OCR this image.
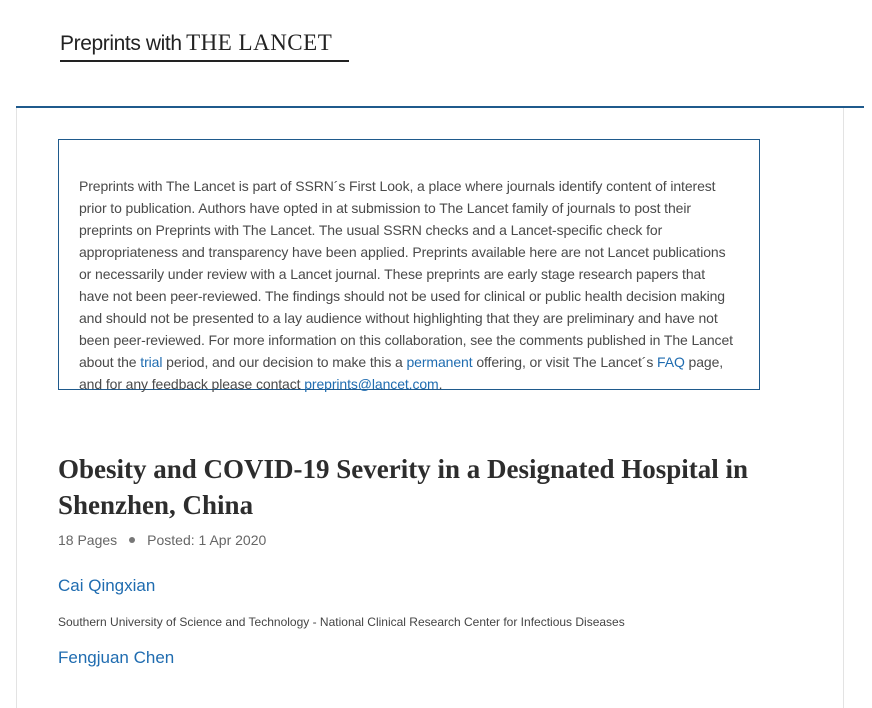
Preprints with THE LANCET
Preprints with The Lancet is part of SSRN´s First Look, a place where journals identify content of interest prior to publication. Authors have opted in at submission to The Lancet family of journals to post their preprints on Preprints with The Lancet. The usual SSRN checks and a Lancet-specific check for appropriateness and transparency have been applied. Preprints available here are not Lancet publications or necessarily under review with a Lancet journal. These preprints are early stage research papers that have not been peer-reviewed. The findings should not be used for clinical or public health decision making and should not be presented to a lay audience without highlighting that they are preliminary and have not been peer-reviewed. For more information on this collaboration, see the comments published in The Lancet about the trial period, and our decision to make this a permanent offering, or visit The Lancet´s FAQ page, and for any feedback please contact preprints@lancet.com.
Obesity and COVID-19 Severity in a Designated Hospital in Shenzhen, China
18 Pages Posted: 1 Apr 2020
Cai Qingxian
Southern University of Science and Technology - National Clinical Research Center for Infectious Diseases
Fengjuan Chen
